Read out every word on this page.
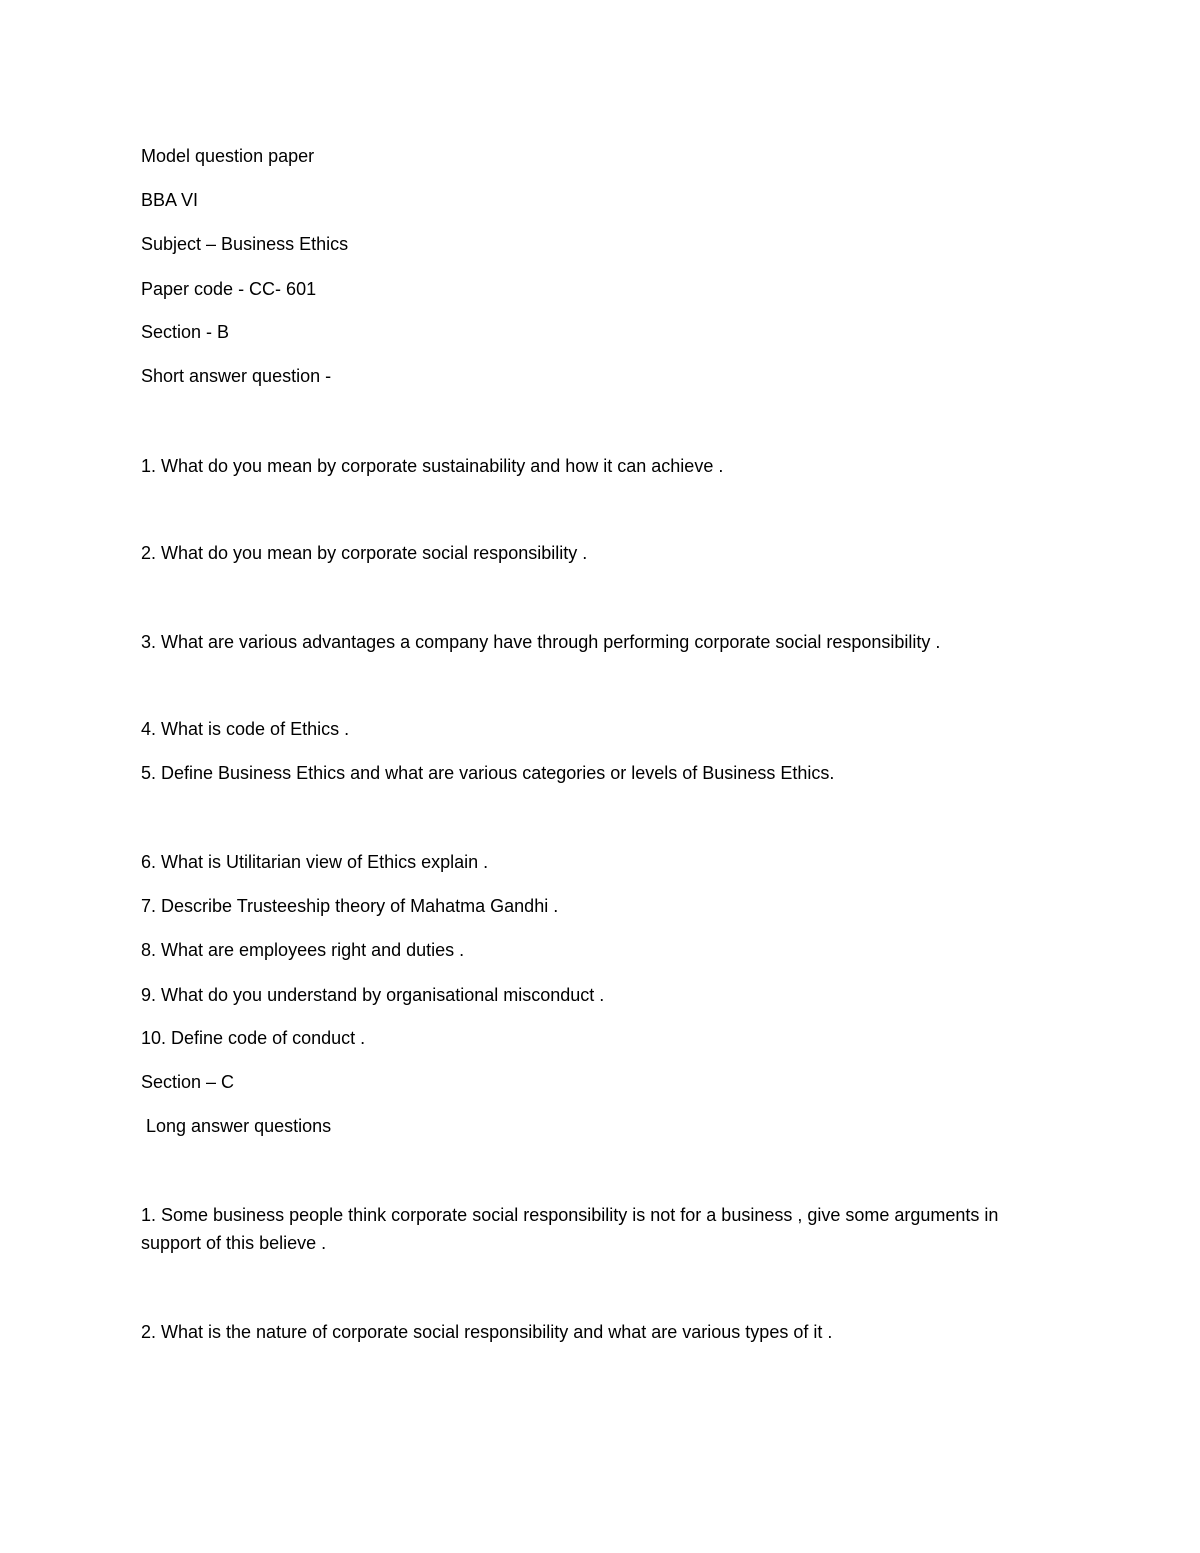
Model question paper

BBA VI

Subject – Business Ethics

Paper code - CC- 601

Section - B

Short answer question -

1. What do you mean by corporate sustainability and how it can achieve .

2. What do you mean by corporate social responsibility .

3. What are various advantages a company have through performing corporate social responsibility .

4. What is code of Ethics .

5. Define Business Ethics and what are various categories or levels of Business Ethics.

6. What is Utilitarian view of Ethics explain .

7. Describe Trusteeship theory of Mahatma Gandhi .

8. What are employees right and duties .

9. What do you understand by organisational misconduct .

10. Define code of conduct .

Section – C

Long answer questions

1. Some business people think corporate social responsibility is not for a business , give some arguments in support of this believe .

2. What is the nature of corporate social responsibility and what are various types of it .
